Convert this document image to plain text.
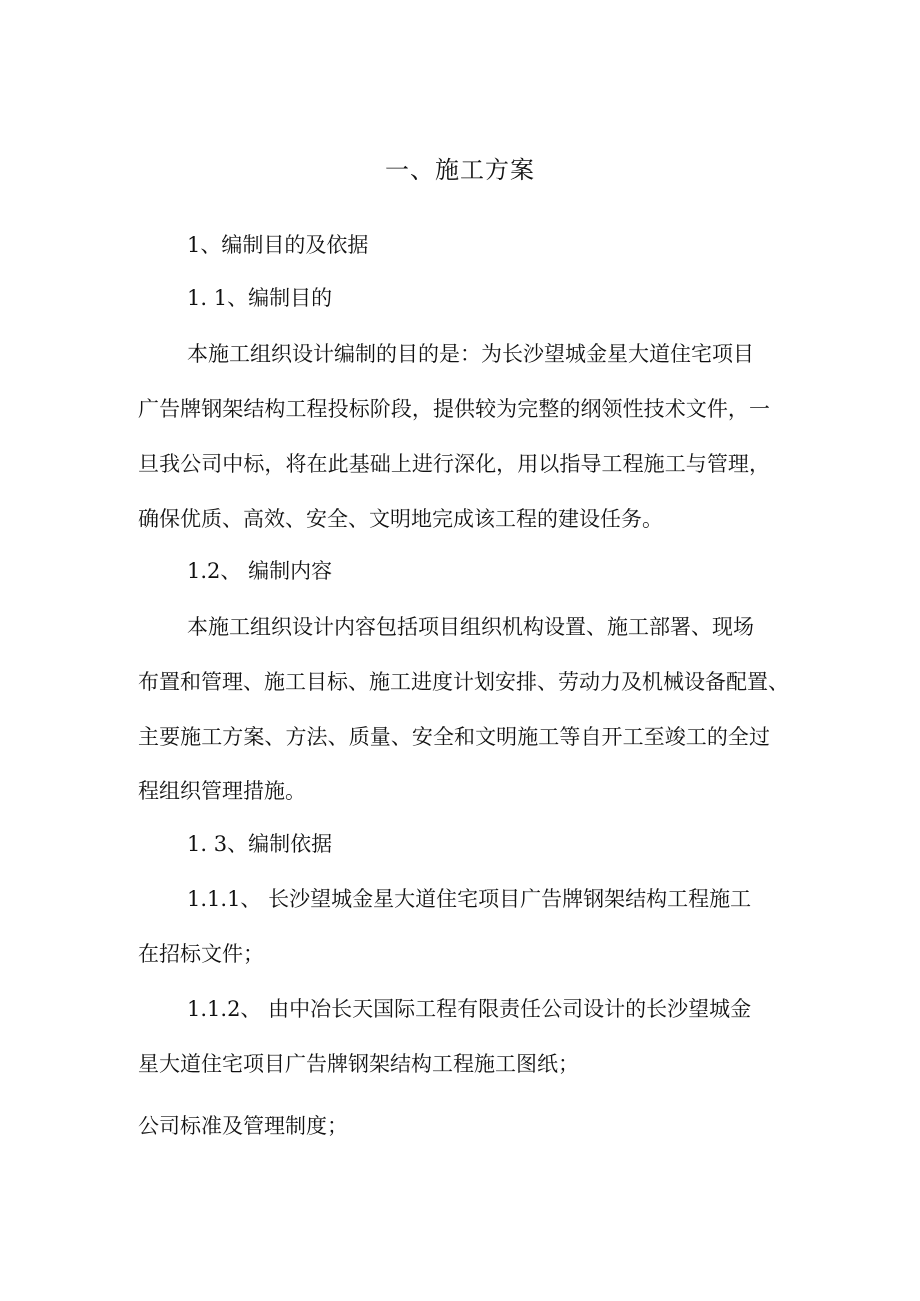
一、施工方案
1、编制目的及依据
1. 1、编制目的
本施工组织设计编制的目的是：为长沙望城金星大道住宅项目
广告牌钢架结构工程投标阶段，提供较为完整的纲领性技术文件，一
旦我公司中标，将在此基础上进行深化，用以指导工程施工与管理，
确保优质、高效、安全、文明地完成该工程的建设任务。
1.2、 编制内容
本施工组织设计内容包括项目组织机构设置、施工部署、现场
布置和管理、施工目标、施工进度计划安排、劳动力及机械设备配置、
主要施工方案、方法、质量、安全和文明施工等自开工至竣工的全过
程组织管理措施。
1. 3、编制依据
1.1.1、 长沙望城金星大道住宅项目广告牌钢架结构工程施工
在招标文件；
1.1.2、 由中冶长天国际工程有限责任公司设计的长沙望城金
星大道住宅项目广告牌钢架结构工程施工图纸；
公司标准及管理制度；
